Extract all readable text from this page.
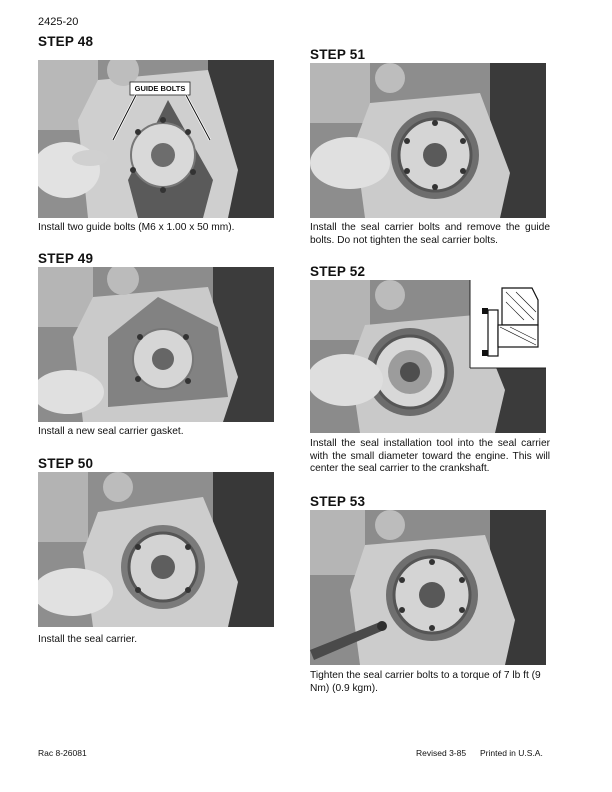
2425-20
STEP 48
GUIDE BOLTS
Install two guide bolts (M6 x 1.00 x 50 mm).
STEP 49
Install a new seal carrier gasket.
STEP 50
Install the seal carrier.
STEP 51
Install the seal carrier bolts and remove the guide bolts. Do not tighten the seal carrier bolts.
STEP 52
Install the seal installation tool into the seal carrier with the small diameter toward the engine. This will center the seal carrier to the crankshaft.
STEP 53
Tighten the seal carrier bolts to a torque of 7 lb ft (9 Nm) (0.9 kgm).
Rac 8-26081	Revised 3-85 Printed in U.S.A.
